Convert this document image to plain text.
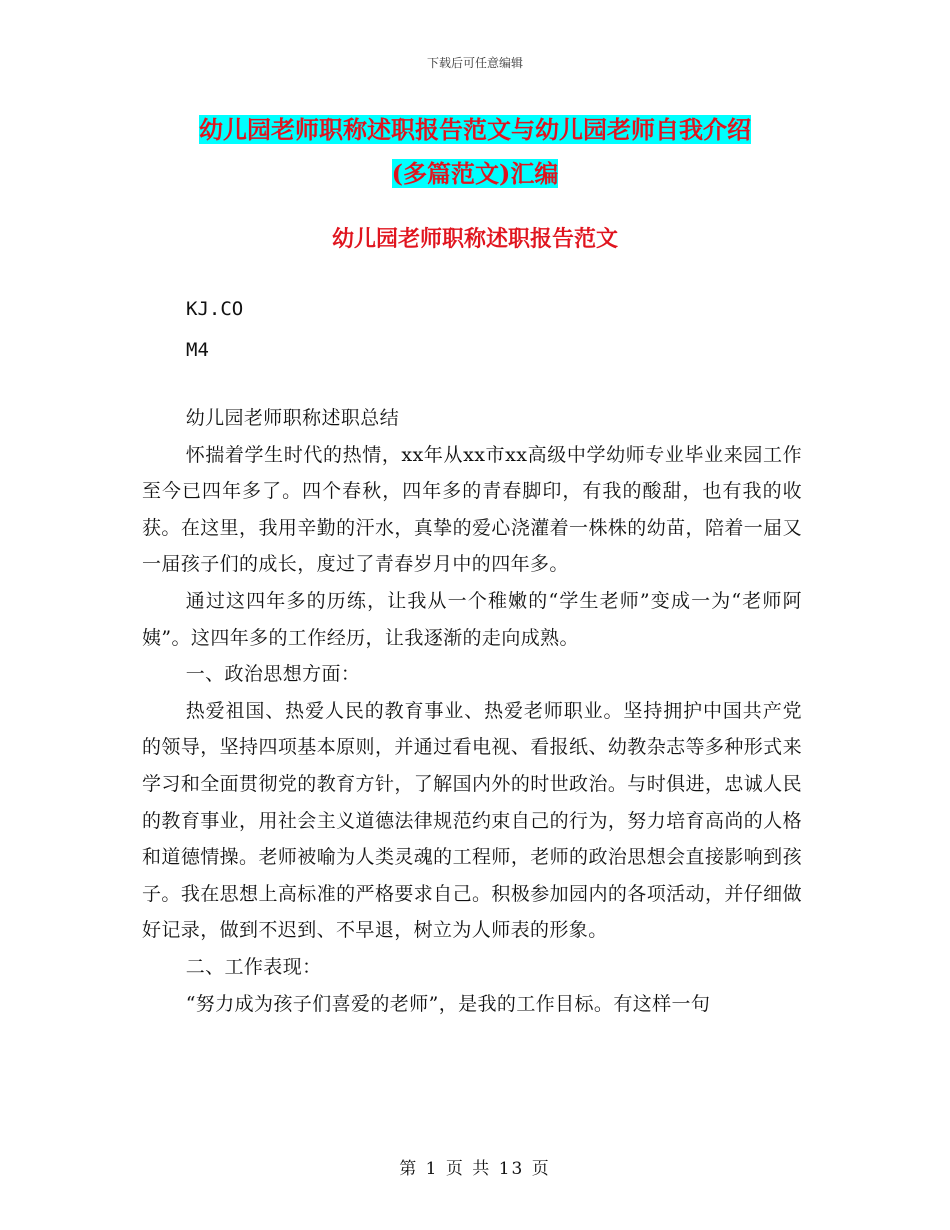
下载后可任意编辑
幼儿园老师职称述职报告范文与幼儿园老师自我介绍
(多篇范文)汇编
幼儿园老师职称述职报告范文
KJ.CO
M4

幼儿园老师职称述职总结

怀揣着学生时代的热情，xx年从xx市xx高级中学幼师专业毕业来园工作至今已四年多了。四个春秋，四年多的青春脚印，有我的酸甜，也有我的收获。在这里，我用辛勤的汗水，真挚的爱心浇灌着一株株的幼苗，陪着一届又一届孩子们的成长，度过了青春岁月中的四年多。

通过这四年多的历练，让我从一个稚嫩的“学生老师”变成一为“老师阿姨”。这四年多的工作经历，让我逐渐的走向成熟。

一、政治思想方面：

热爱祖国、热爱人民的教育事业、热爱老师职业。坚持拥护中国共产党的领导，坚持四项基本原则，并通过看电视、看报纸、幼教杂志等多种形式来学习和全面贯彻党的教育方针，了解国内外的时世政治。与时俱进，忠诚人民的教育事业，用社会主义道德法律规范约束自己的行为，努力培育高尚的人格和道德情操。老师被喻为人类灵魂的工程师，老师的政治思想会直接影响到孩子。我在思想上高标准的严格要求自己。积极参加园内的各项活动，并仔细做好记录，做到不迟到、不早退，树立为人师表的形象。

二、工作表现：

“努力成为孩子们喜爱的老师”，是我的工作目标。有这样一句

第 1 页 共 13 页
